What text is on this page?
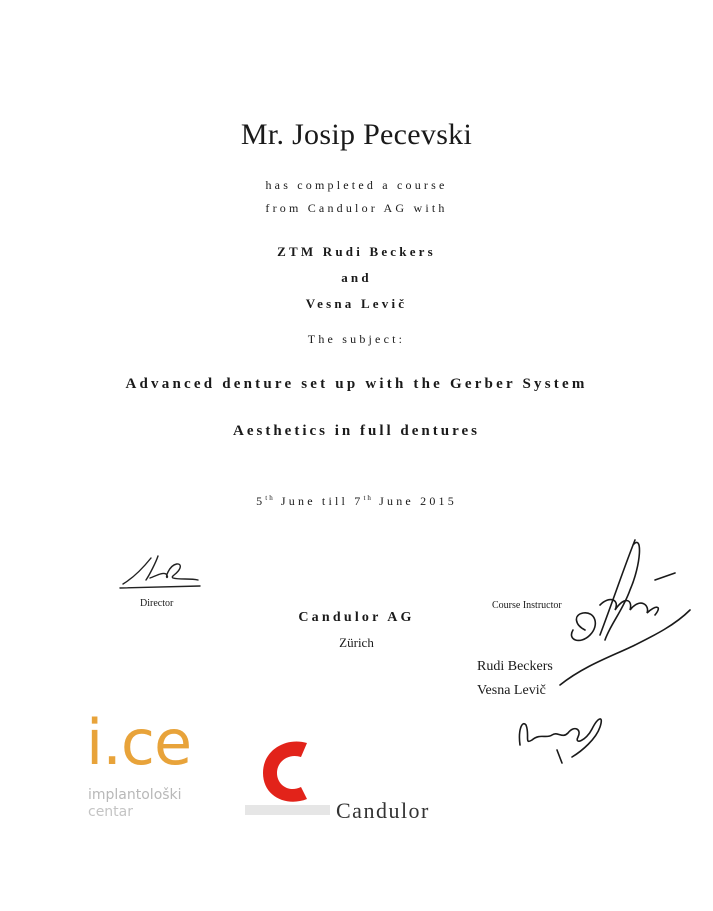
Mr. Josip Pecevski
has completed a course
from Candulor AG with
ZTM Rudi Beckers
and
Vesna Levič
The subject:
Advanced denture set up with the Gerber System
Aesthetics in full dentures
5th June till 7th June 2015
Director	Course Instructor
Candulor AG
Zürich
Rudi Beckers
Vesna Levič
i.ce
implantološki
centar	Candulor
